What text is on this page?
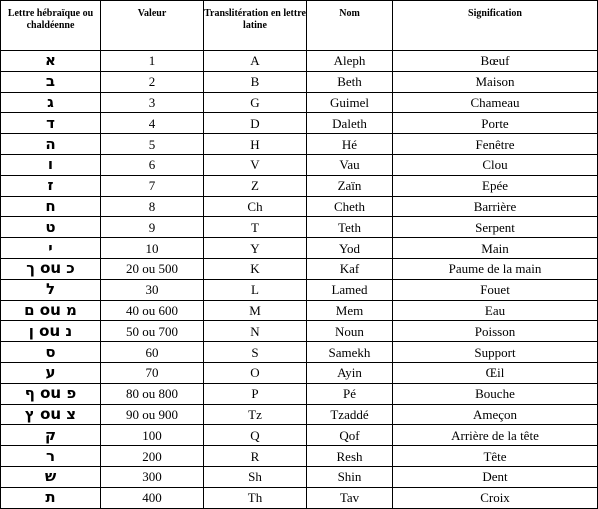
Lettre hébraïque ou chaldéenne	Valeur	Translitération en lettre latine	Nom	Signification
א	1	A	Aleph	Bœuf
ב	2	B	Beth	Maison
ג	3	G	Guimel	Chameau
ד	4	D	Daleth	Porte
ה	5	H	Hé	Fenêtre
ו	6	V	Vau	Clou
ז	7	Z	Zaïn	Epée
ח	8	Ch	Cheth	Barrière
ט	9	T	Teth	Serpent
י	10	Y	Yod	Main
ך ou כ	20 ou 500	K	Kaf	Paume de la main
ל	30	L	Lamed	Fouet
ם ou מ	40 ou 600	M	Mem	Eau
ן ou נ	50 ou 700	N	Noun	Poisson
ס	60	S	Samekh	Support
ע	70	O	Ayin	Œil
ף ou פ	80 ou 800	P	Pé	Bouche
ץ ou צ	90 ou 900	Tz	Tzaddé	Ameçon
ק	100	Q	Qof	Arrière de la tête
ר	200	R	Resh	Tête
ש	300	Sh	Shin	Dent
ת	400	Th	Tav	Croix
